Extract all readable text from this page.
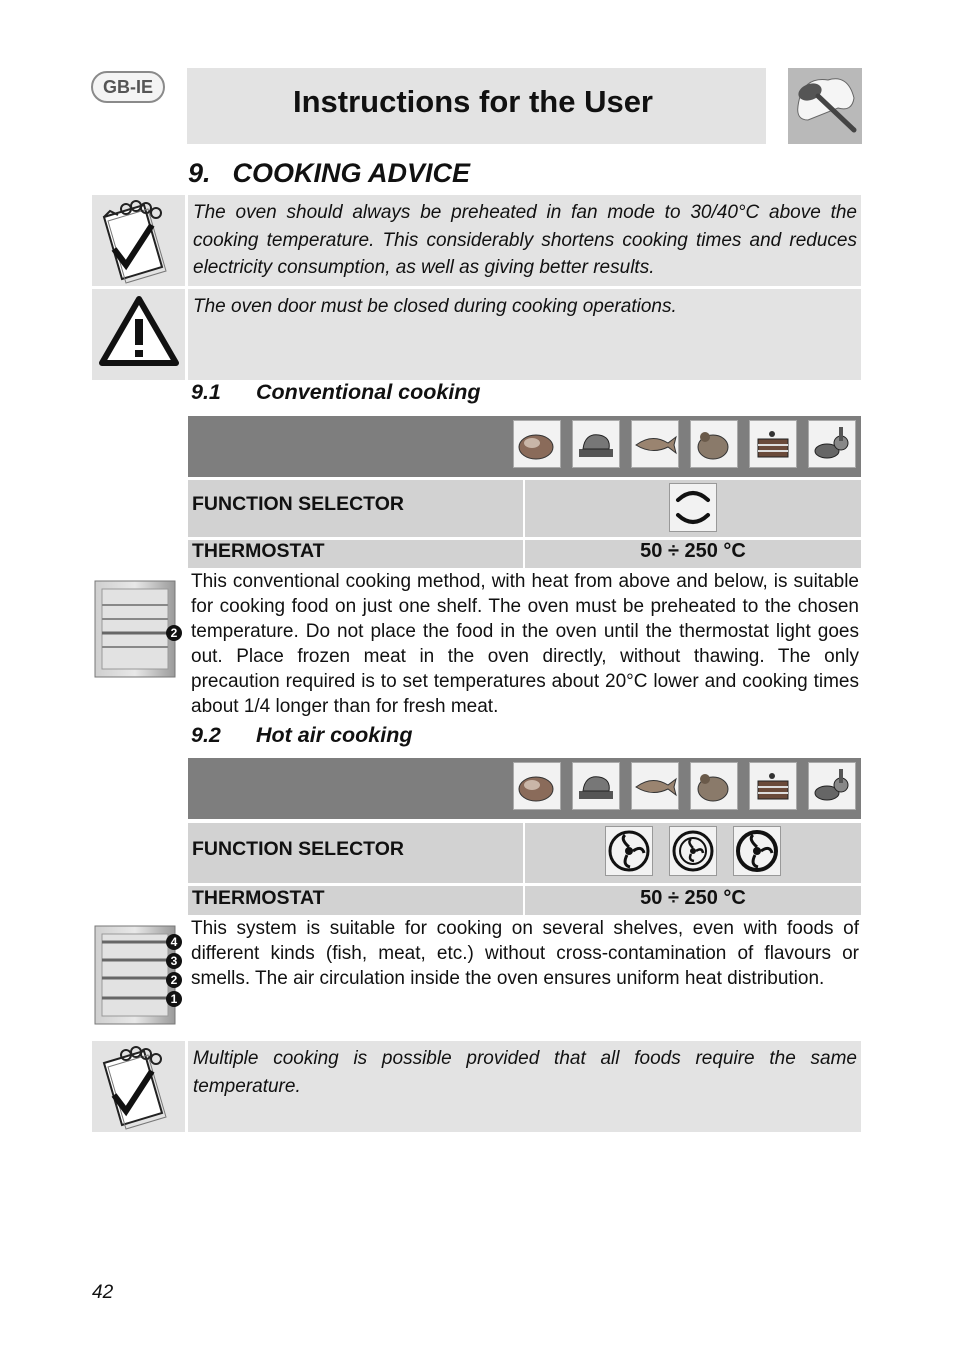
GB-IE	Instructions for the User
9. COOKING ADVICE
The oven should always be preheated in fan mode to 30/40°C above the cooking temperature. This considerably shortens cooking times and reduces electricity consumption, as well as giving better results.
The oven door must be closed during cooking operations.
9.1 Conventional cooking
FUNCTION SELECTOR
THERMOSTAT	50 ÷ 250 °C
2
This conventional cooking method, with heat from above and below, is suitable for cooking food on just one shelf. The oven must be preheated to the chosen temperature. Do not place the food in the oven until the thermostat light goes out. Place frozen meat in the oven directly, without thawing. The only precaution required is to set temperatures about 20°C lower and cooking times about 1/4 longer than for fresh meat.
9.2 Hot air cooking
FUNCTION SELECTOR

THERMOSTAT	50 ÷ 250 °C
4
3
2
1
This system is suitable for cooking on several shelves, even with foods of different kinds (fish, meat, etc.) without cross-contamination of flavours or smells. The air circulation inside the oven ensures uniform heat distribution.
Multiple cooking is possible provided that all foods require the same temperature.
42
